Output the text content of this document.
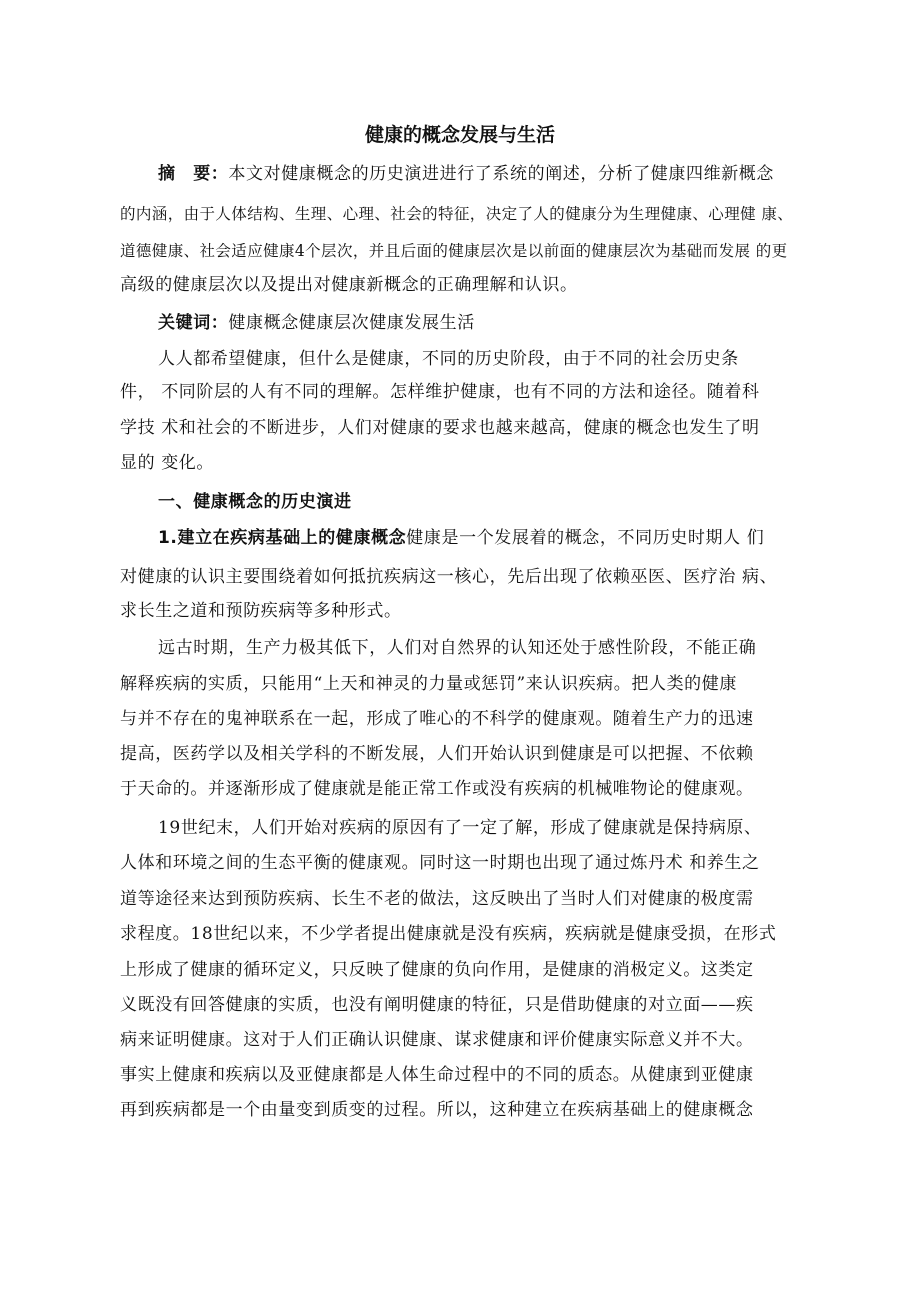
健康的概念发展与生活
摘　要：本文对健康概念的历史演进进行了系统的阐述，分析了健康四维新概念
的内涵，由于人体结构、生理、心理、社会的特征，决定了人的健康分为生理健康、心理健 康、
道德健康、社会适应健康4个层次，并且后面的健康层次是以前面的健康层次为基础而发展 的更
高级的健康层次以及提出对健康新概念的正确理解和认识。
关键词：健康概念健康层次健康发展生活
人人都希望健康，但什么是健康，不同的历史阶段，由于不同的社会历史条
件， 不同阶层的人有不同的理解。怎样维护健康，也有不同的方法和途径。随着科
学技 术和社会的不断进步，人们对健康的要求也越来越高，健康的概念也发生了明
显的 变化。
一、健康概念的历史演进
1.建立在疾病基础上的健康概念健康是一个发展着的概念，不同历史时期人 们
对健康的认识主要围绕着如何抵抗疾病这一核心，先后出现了依赖巫医、医疗治 病、
求长生之道和预防疾病等多种形式。
远古时期，生产力极其低下，人们对自然界的认知还处于感性阶段，不能正确
解释疾病的实质，只能用“上天和神灵的力量或惩罚”来认识疾病。把人类的健康
与并不存在的鬼神联系在一起，形成了唯心的不科学的健康观。随着生产力的迅速
提高，医药学以及相关学科的不断发展，人们开始认识到健康是可以把握、不依赖
于天命的。并逐渐形成了健康就是能正常工作或没有疾病的机械唯物论的健康观。
19世纪末，人们开始对疾病的原因有了一定了解，形成了健康就是保持病原、
人体和环境之间的生态平衡的健康观。同时这一时期也出现了通过炼丹术 和养生之
道等途径来达到预防疾病、长生不老的做法，这反映出了当时人们对健康的极度需
求程度。18世纪以来，不少学者提出健康就是没有疾病，疾病就是健康受损，在形式
上形成了健康的循环定义，只反映了健康的负向作用，是健康的消极定义。这类定
义既没有回答健康的实质，也没有阐明健康的特征，只是借助健康的对立面——疾
病来证明健康。这对于人们正确认识健康、谋求健康和评价健康实际意义并不大。
事实上健康和疾病以及亚健康都是人体生命过程中的不同的质态。从健康到亚健康
再到疾病都是一个由量变到质变的过程。所以，这种建立在疾病基础上的健康概念
